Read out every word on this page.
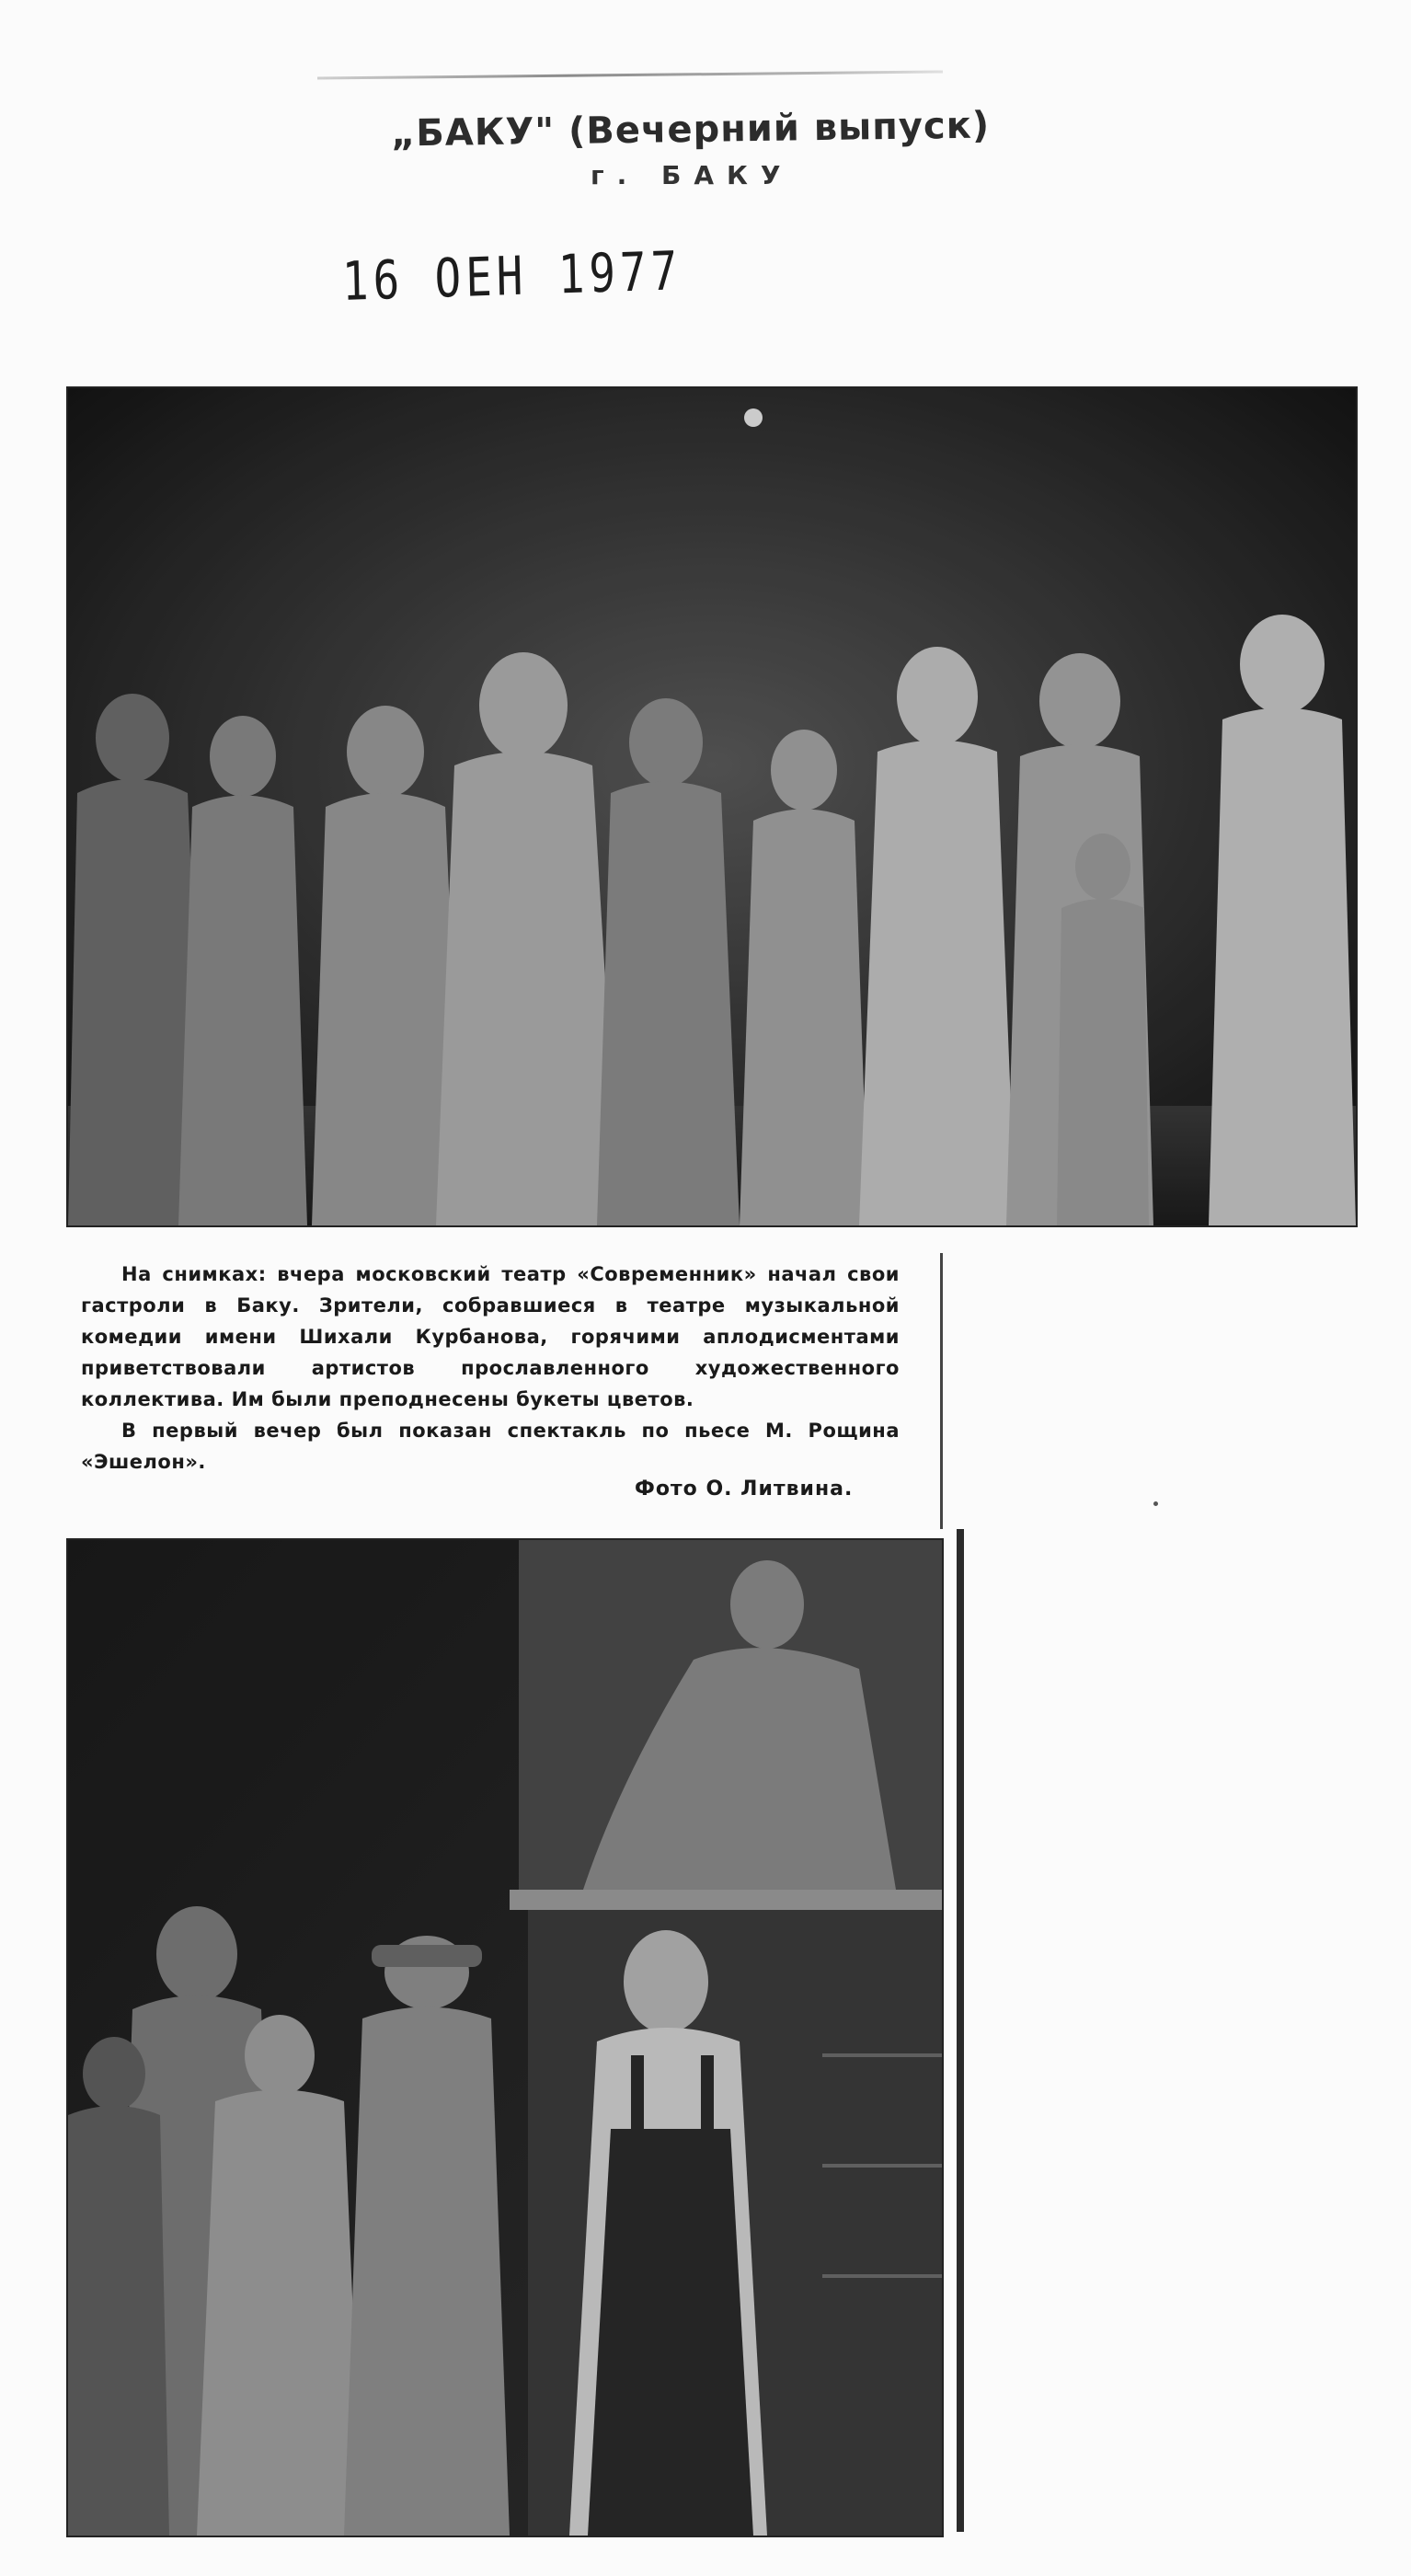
„БАКУ" (Вечерний выпуск)
г. БАКУ
16 ОЕН 1977

На снимках: вчера московский театр «Современник» начал свои гастроли в Баку. Зрители, собравшиеся в театре музыкальной комедии имени Шихали Курбанова, горячими аплодисментами приветствовали артистов прославленного художественного коллектива. Им были преподнесены букеты цветов.

В первый вечер был показан спектакль по пьесе М. Рощина «Эшелон».

Фото О. Литвина.
